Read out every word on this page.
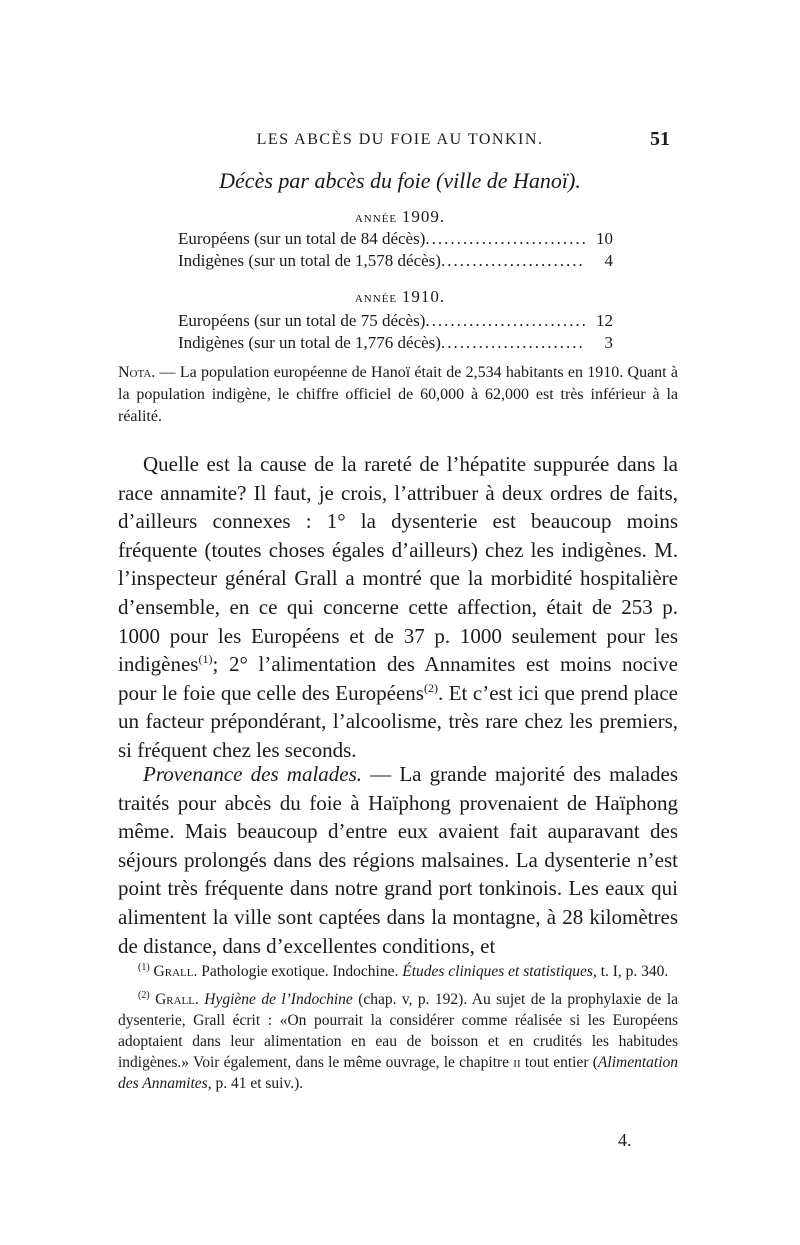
LES ABCÈS DU FOIE AU TONKIN.	51
Décès par abcès du foie (ville de Hanoï).
année 1909.
Européens (sur un total de 84 décès) .....	10
Indigènes (sur un total de 1,578 décès) .....	4
année 1910.
Européens (sur un total de 75 décès) .....	12
Indigènes (sur un total de 1,776 décès) .....	3
Nota. — La population européenne de Hanoï était de 2,534 habitants en 1910. Quant à la population indigène, le chiffre officiel de 60,000 à 62,000 est très inférieur à la réalité.

Quelle est la cause de la rareté de l’hépatite suppurée dans la race annamite? Il faut, je crois, l’attribuer à deux ordres de faits, d’ailleurs connexes : 1° la dysenterie est beaucoup moins fréquente (toutes choses égales d’ailleurs) chez les indigènes. M. l’inspecteur général Grall a montré que la morbidité hospitalière d’ensemble, en ce qui concerne cette affection, était de 253 p. 1000 pour les Européens et de 37 p. 1000 seulement pour les indigènes$^{(1)}$; 2° l’alimentation des Annamites est moins nocive pour le foie que celle des Européens$^{(2)}$. Et c’est ici que prend place un facteur prépondérant, l’alcoolisme, très rare chez les premiers, si fréquent chez les seconds.

Provenance des malades. — La grande majorité des malades traités pour abcès du foie à Haïphong provenaient de Haïphong même. Mais beaucoup d’entre eux avaient fait auparavant des séjours prolongés dans des régions malsaines. La dysenterie n’est point très fréquente dans notre grand port tonkinois. Les eaux qui alimentent la ville sont captées dans la montagne, à 28 kilomètres de distance, dans d’excellentes conditions, et

$^{(1)}$ Grall. Pathologie exotique. Indochine. Études cliniques et statistiques, t. I, p. 340.

$^{(2)}$ Grall. Hygiène de l’Indochine (chap. v, p. 192). Au sujet de la prophylaxie de la dysenterie, Grall écrit : «On pourrait la considérer comme réalisée si les Européens adoptaient dans leur alimentation en eau de boisson et en crudités les habitudes indigènes.» Voir également, dans le même ouvrage, le chapitre ii tout entier (Alimentation des Annamites, p. 41 et suiv.).

4.
